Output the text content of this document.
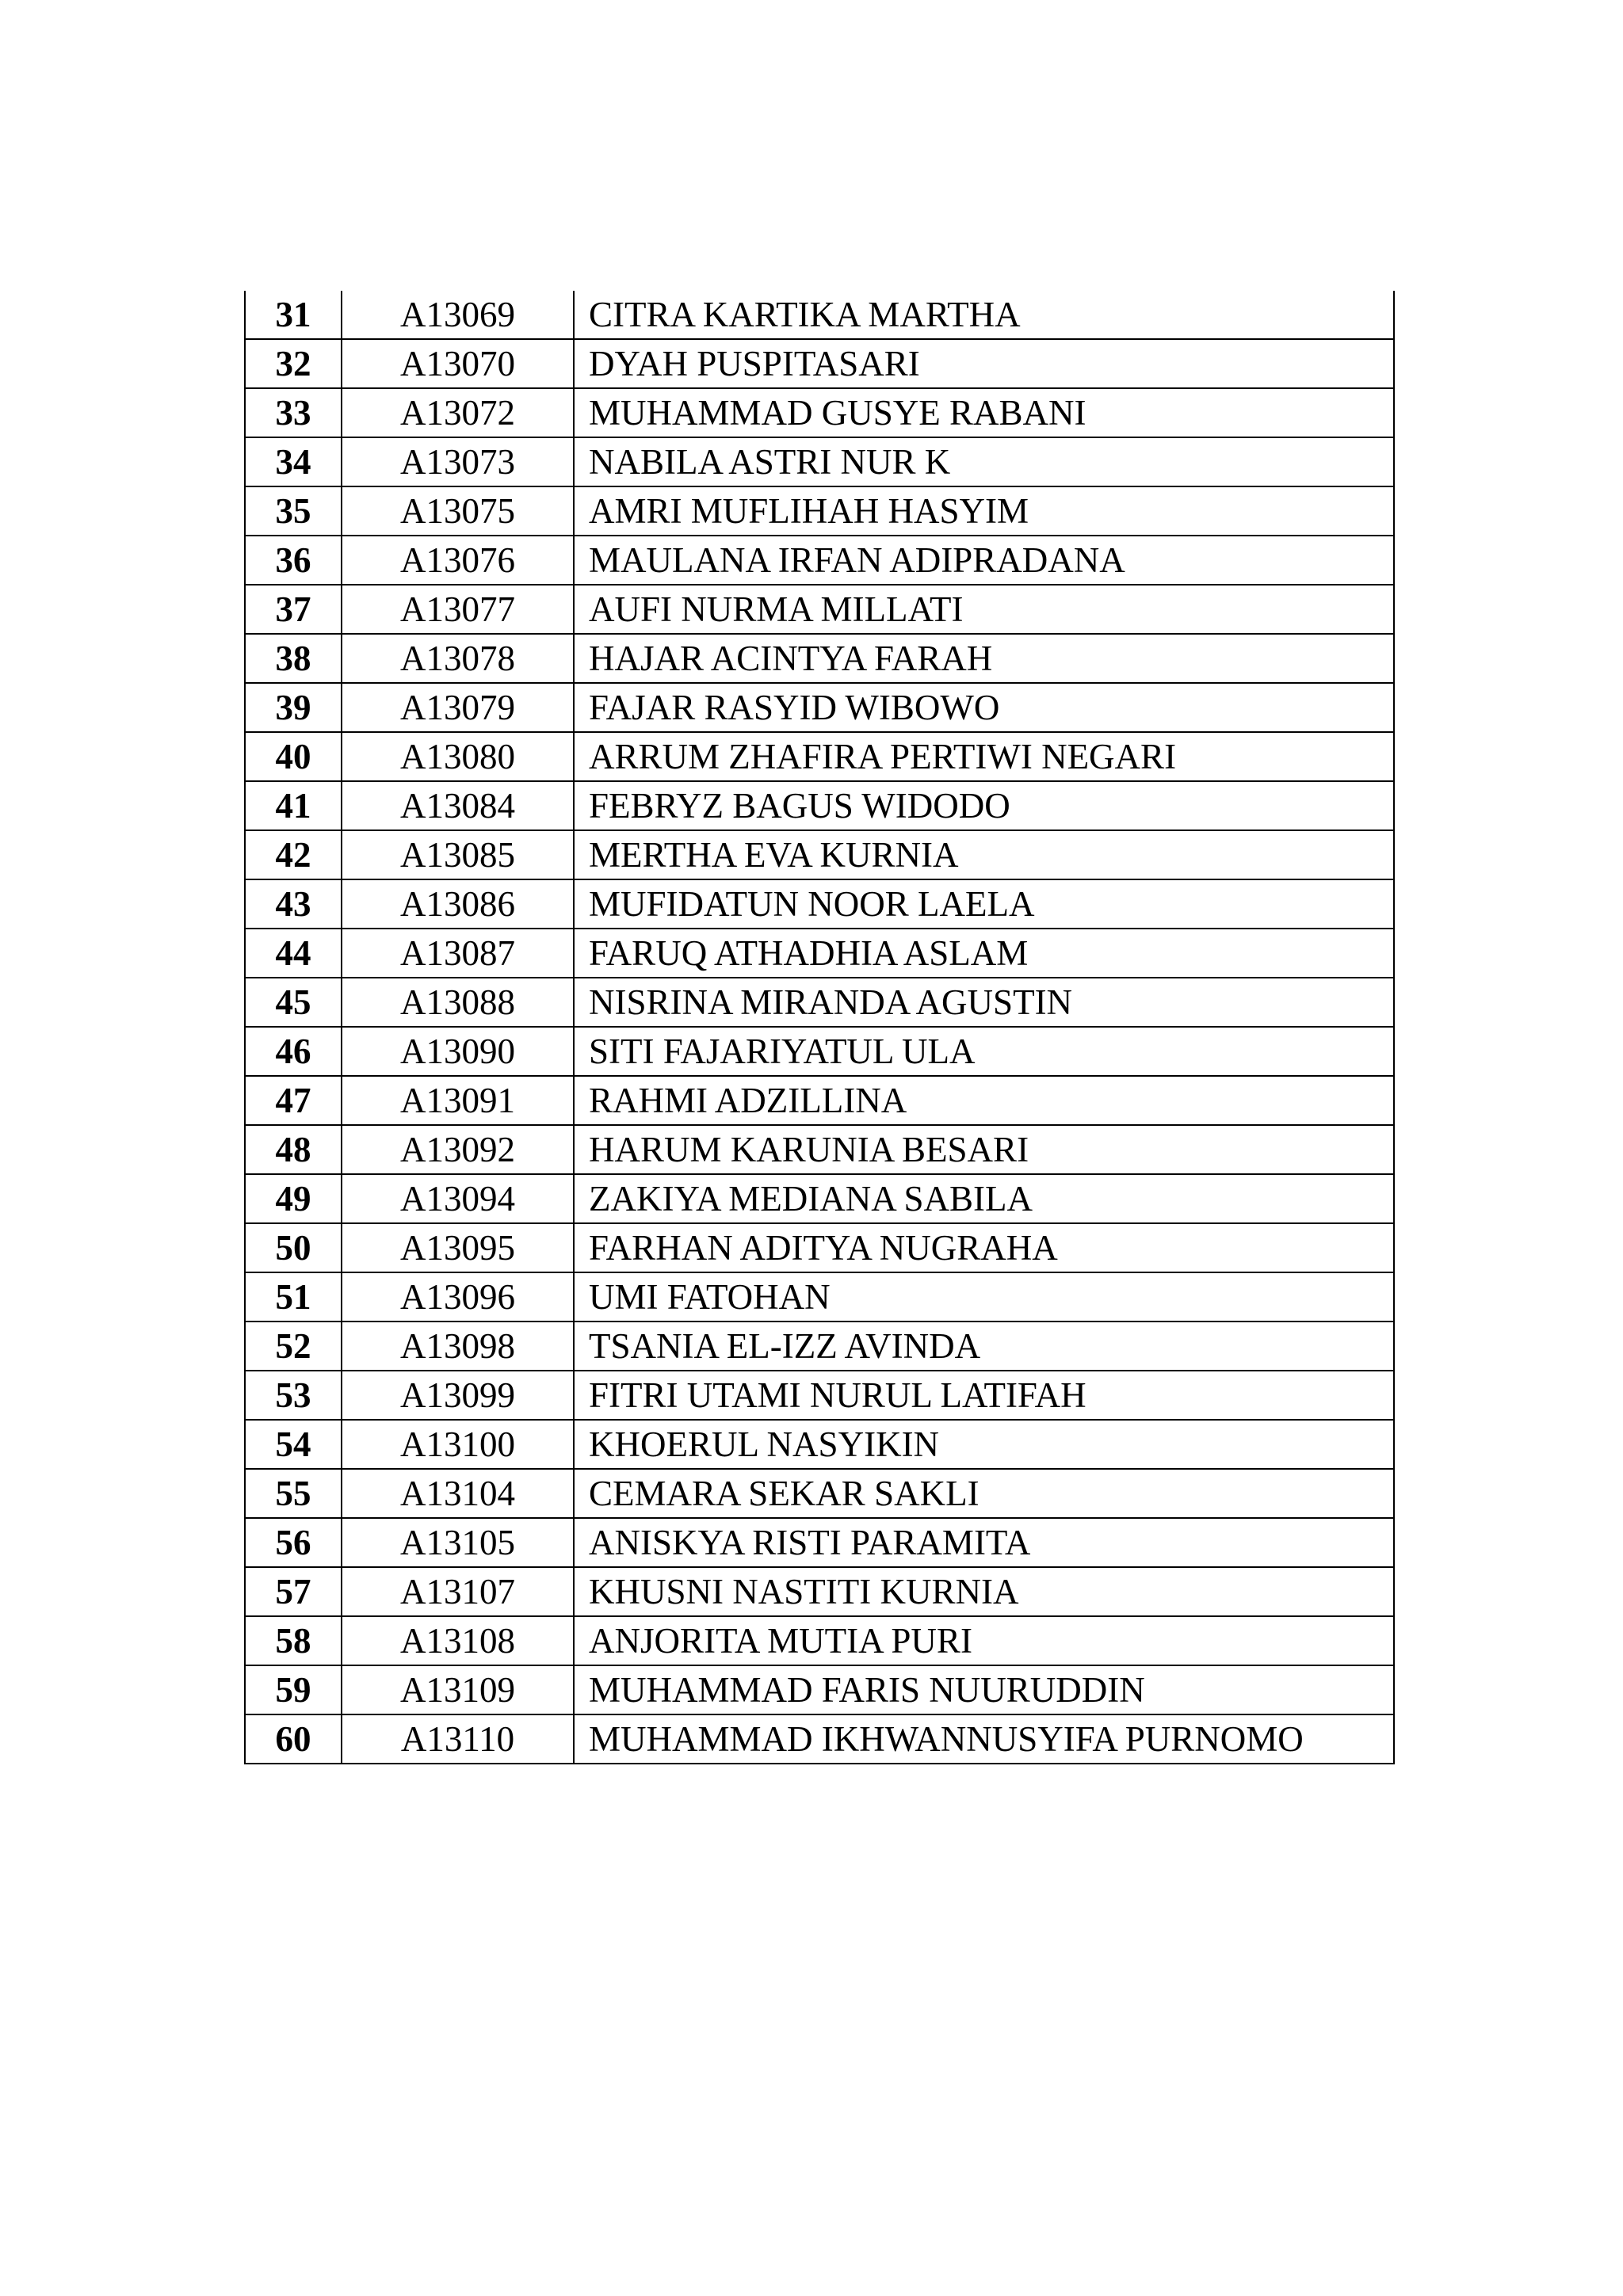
31	A13069	CITRA KARTIKA MARTHA
32	A13070	DYAH PUSPITASARI
33	A13072	MUHAMMAD GUSYE RABANI
34	A13073	NABILA ASTRI NUR K
35	A13075	AMRI MUFLIHAH HASYIM
36	A13076	MAULANA IRFAN ADIPRADANA
37	A13077	AUFI NURMA MILLATI
38	A13078	HAJAR ACINTYA FARAH
39	A13079	FAJAR RASYID WIBOWO
40	A13080	ARRUM ZHAFIRA PERTIWI NEGARI
41	A13084	FEBRYZ BAGUS WIDODO
42	A13085	MERTHA EVA KURNIA
43	A13086	MUFIDATUN NOOR LAELA
44	A13087	FARUQ ATHADHIA ASLAM
45	A13088	NISRINA MIRANDA AGUSTIN
46	A13090	SITI FAJARIYATUL ULA
47	A13091	RAHMI ADZILLINA
48	A13092	HARUM KARUNIA BESARI
49	A13094	ZAKIYA MEDIANA SABILA
50	A13095	FARHAN ADITYA NUGRAHA
51	A13096	UMI FATOHAN
52	A13098	TSANIA EL-IZZ AVINDA
53	A13099	FITRI UTAMI NURUL LATIFAH
54	A13100	KHOERUL NASYIKIN
55	A13104	CEMARA SEKAR SAKLI
56	A13105	ANISKYA RISTI PARAMITA
57	A13107	KHUSNI NASTITI KURNIA
58	A13108	ANJORITA MUTIA PURI
59	A13109	MUHAMMAD FARIS NUURUDDIN
60	A13110	MUHAMMAD IKHWANNUSYIFA PURNOMO
